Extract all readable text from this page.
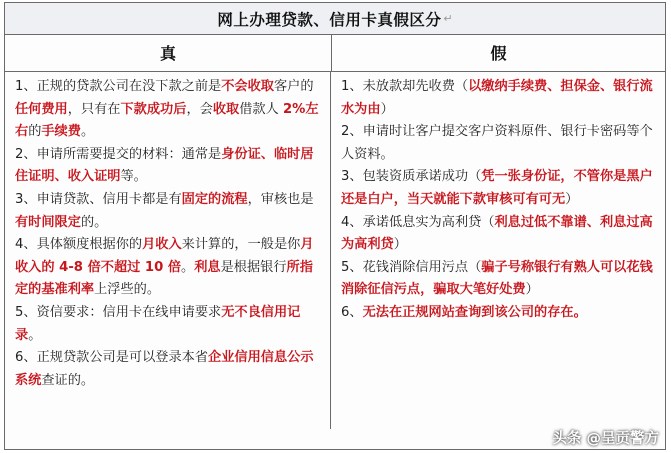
网上办理贷款、信用卡真假区分 ↵
真	假

1、正规的贷款公司在没下款之前是不会收取客户的任何费用，只有在下款成功后，会收取借款人 2%左右的手续费。

2、申请所需要提交的材料：通常是身份证、临时居住证明、收入证明等。

3、申请贷款、信用卡都是有固定的流程，审核也是有时间限定的。

4、具体额度根据你的月收入来计算的，一般是你月收入的 4-8 倍不超过 10 倍。利息是根据银行所指定的基准利率上浮些的。

5、资信要求：信用卡在线申请要求无不良信用记录。

6、正规贷款公司是可以登录本省企业信用信息公示系统查证的。

1、未放款却先收费（以缴纳手续费、担保金、银行流水为由）

2、申请时让客户提交客户资料原件、银行卡密码等个人资料。

3、包装资质承诺成功（凭一张身份证，不管你是黑户还是白户，当天就能下款审核可有可无）

4、承诺低息实为高利贷（利息过低不靠谱、利息过高为高利贷）

5、花钱消除信用污点（骗子号称银行有熟人可以花钱消除征信污点，骗取大笔好处费）

6、无法在正规网站查询到该公司的存在。

头条 @呈贡警方
